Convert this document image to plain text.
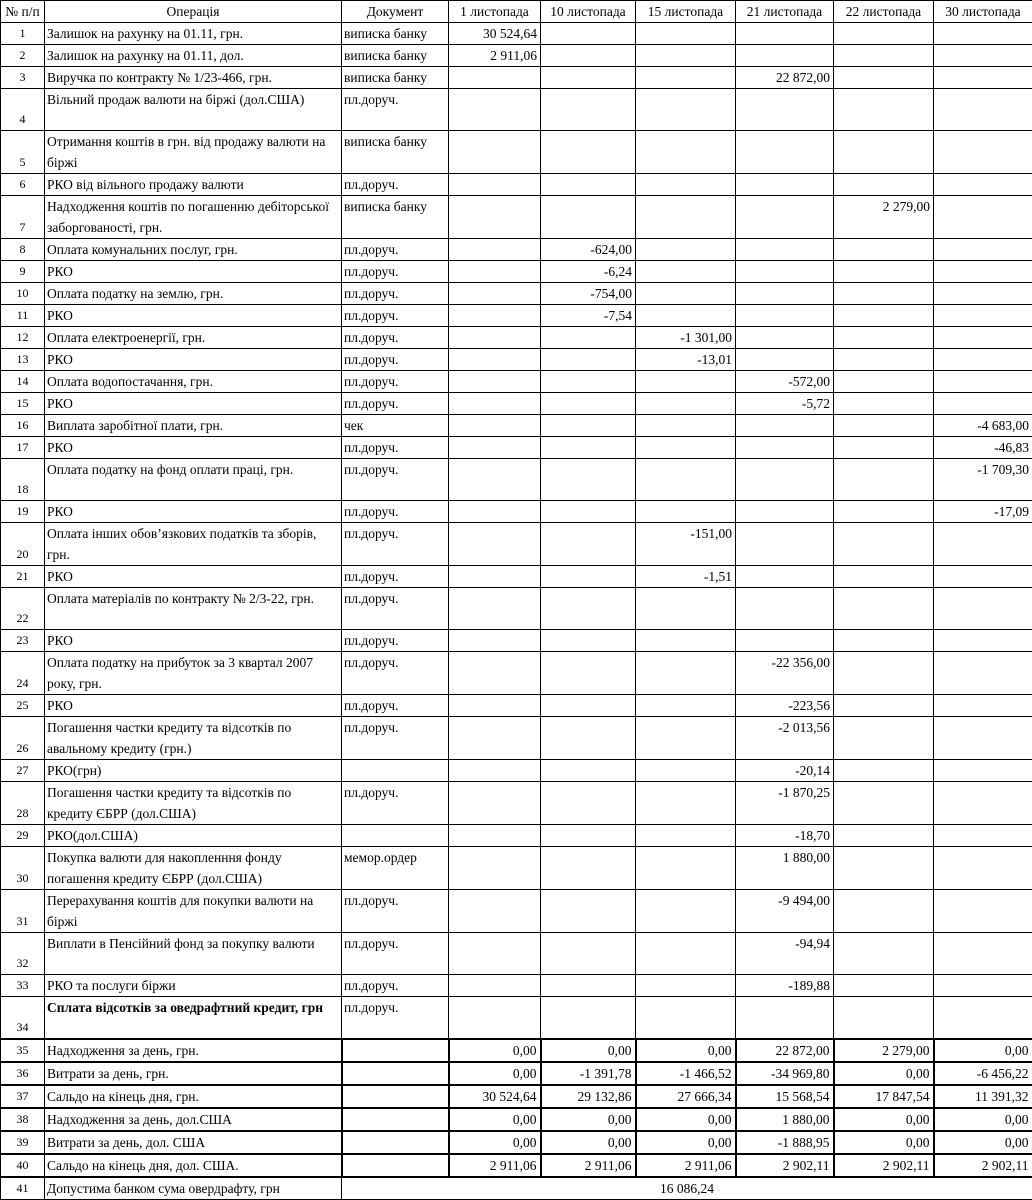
№ п/п	Операція	Документ	1 листопада	10 листопада	15 листопада	21 листопада	22 листопада	30 листопада
1	Залишок на рахунку на 01.11, грн.	виписка банку	30 524,64					
2	Залишок на рахунку на 01.11, дол.	виписка банку	2 911,06					
3	Виручка по контракту № 1/23-466, грн.	виписка банку				22 872,00		
4	Вільний продаж валюти на біржі (дол.США)	пл.доруч.						
5	Отримання коштів в грн. від продажу валюти на біржі	виписка банку						
6	РКО від вільного продажу валюти	пл.доруч.						
7	Надходження коштів по погашенню дебіторської заборгованості, грн.	виписка банку					2 279,00	
8	Оплата комунальних послуг, грн.	пл.доруч.		-624,00				
9	РКО	пл.доруч.		-6,24				
10	Оплата податку на землю, грн.	пл.доруч.		-754,00				
11	РКО	пл.доруч.		-7,54				
12	Оплата електроенергії, грн.	пл.доруч.			-1 301,00			
13	РКО	пл.доруч.			-13,01			
14	Оплата водопостачання, грн.	пл.доруч.				-572,00		
15	РКО	пл.доруч.				-5,72		
16	Виплата заробітної плати, грн.	чек						-4 683,00
17	РКО	пл.доруч.						-46,83
18	Оплата податку на фонд оплати праці, грн.	пл.доруч.						-1 709,30
19	РКО	пл.доруч.						-17,09
20	Оплата інших обов’язкових податків та зборів, грн.	пл.доруч.			-151,00			
21	РКО	пл.доруч.			-1,51			
22	Оплата матеріалів по контракту № 2/3-22, грн.	пл.доруч.						
23	РКО	пл.доруч.						
24	Оплата податку на прибуток за 3 квартал 2007 року, грн.	пл.доруч.				-22 356,00		
25	РКО	пл.доруч.				-223,56		
26	Погашення частки кредиту та відсотків по авальному кредиту (грн.)	пл.доруч.				-2 013,56		
27	РКО(грн)					-20,14		
28	Погашення частки кредиту та відсотків по кредиту ЄБРР (дол.США)	пл.доруч.				-1 870,25		
29	РКО(дол.США)					-18,70		
30	Покупка валюти для накопленння фонду погашення кредиту ЄБРР (дол.США)	мемор.ордер				1 880,00		
31	Перерахування коштів для покупки валюти на біржі	пл.доруч.				-9 494,00		
32	Виплати в Пенсійний фонд за покупку валюти	пл.доруч.				-94,94		
33	РКО та послуги біржи	пл.доруч.				-189,88		
34	Сплата відсотків за оведрафтний кредит, грн	пл.доруч.						
35	Надходження за день, грн.		0,00	0,00	0,00	22 872,00	2 279,00	0,00
36	Витрати за день, грн.		0,00	-1 391,78	-1 466,52	-34 969,80	0,00	-6 456,22
37	Сальдо на кінець дня, грн.		30 524,64	29 132,86	27 666,34	15 568,54	17 847,54	11 391,32
38	Надходження за день, дол.США		0,00	0,00	0,00	1 880,00	0,00	0,00
39	Витрати за день, дол. США		0,00	0,00	0,00	-1 888,95	0,00	0,00
40	Сальдо на кінець дня, дол. США.		2 911,06	2 911,06	2 911,06	2 902,11	2 902,11	2 902,11
41	Допустима банком сума овердрафту, грн	16 086,24						
